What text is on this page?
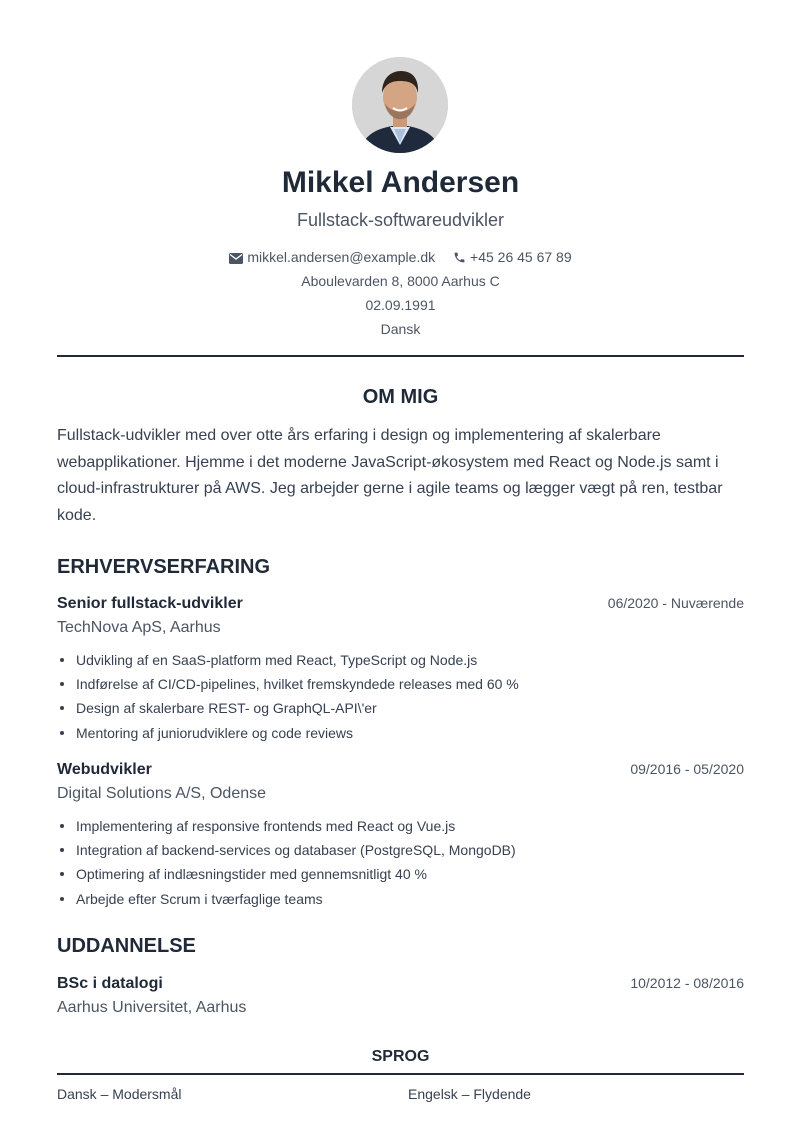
Mikkel Andersen
Fullstack-softwareudvikler
mikkel.andersen@example.dk +45 26 45 67 89
Aboulevarden 8, 8000 Aarhus C
02.09.1991
Dansk
OM MIG
Fullstack-udvikler med over otte års erfaring i design og implementering af skalerbare webapplikationer. Hjemme i det moderne JavaScript-økosystem med React og Node.js samt i cloud-infrastrukturer på AWS. Jeg arbejder gerne i agile teams og lægger vægt på ren, testbar kode.
ERHVERVSERFARING
Senior fullstack-udvikler	06/2020 - Nuværende
TechNova ApS, Aarhus
Udvikling af en SaaS-platform med React, TypeScript og Node.js
Indførelse af CI/CD-pipelines, hvilket fremskyndede releases med 60 %
Design af skalerbare REST- og GraphQL-API\'er
Mentoring af juniorudviklere og code reviews
Webudvikler	09/2016 - 05/2020
Digital Solutions A/S, Odense
Implementering af responsive frontends med React og Vue.js
Integration af backend-services og databaser (PostgreSQL, MongoDB)
Optimering af indlæsningstider med gennemsnitligt 40 %
Arbejde efter Scrum i tværfaglige teams
UDDANNELSE
BSc i datalogi	10/2012 - 08/2016
Aarhus Universitet, Aarhus
SPROG
Dansk – Modersmål	Engelsk – Flydende
